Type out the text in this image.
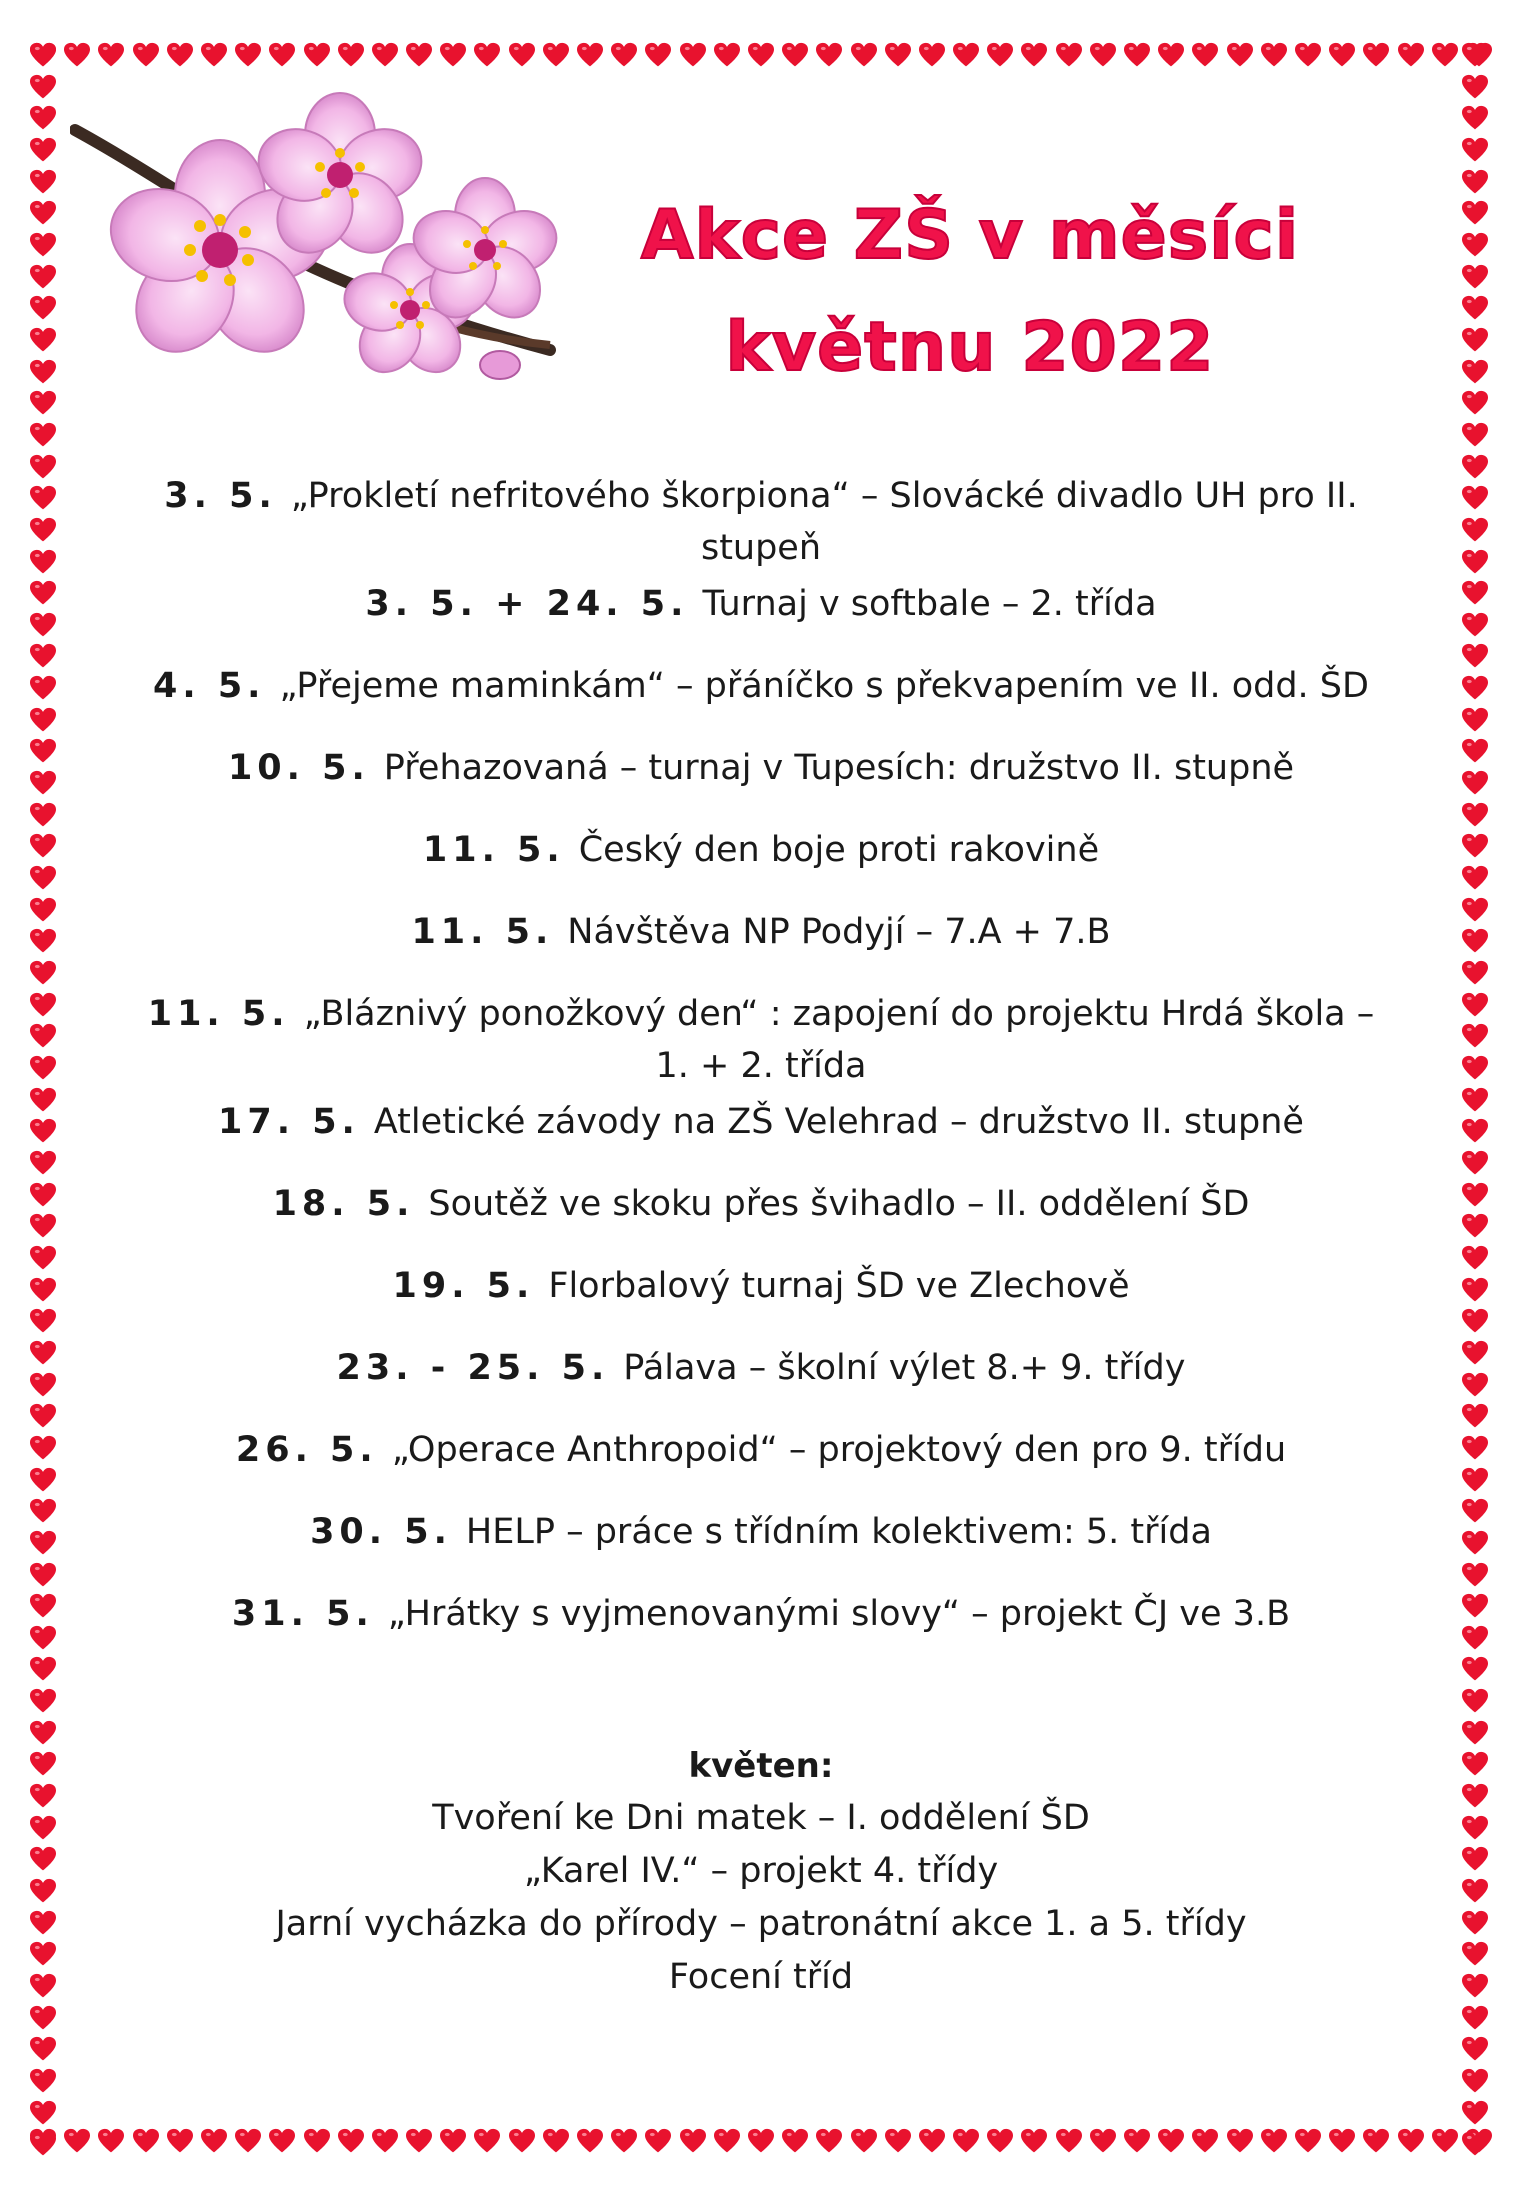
Akce ZŠ v měsíci
květnu 2022
3. 5. „Prokletí nefritového škorpiona“ – Slovácké divadlo UH pro II.
stupeň
3. 5. + 24. 5. Turnaj v softbale – 2. třída
4. 5. „Přejeme maminkám“ – přáníčko s překvapením ve II. odd. ŠD
10. 5. Přehazovaná – turnaj v Tupesích: družstvo II. stupně
11. 5. Český den boje proti rakovině
11. 5. Návštěva NP Podyjí – 7.A + 7.B
11. 5. „Bláznivý ponožkový den“ : zapojení do projektu Hrdá škola –
1. + 2. třída
17. 5. Atletické závody na ZŠ Velehrad – družstvo II. stupně
18. 5. Soutěž ve skoku přes švihadlo – II. oddělení ŠD
19. 5. Florbalový turnaj ŠD ve Zlechově
23. - 25. 5. Pálava – školní výlet 8.+ 9. třídy
26. 5. „Operace Anthropoid“ – projektový den pro 9. třídu
30. 5. HELP – práce s třídním kolektivem: 5. třída
31. 5. „Hrátky s vyjmenovanými slovy“ – projekt ČJ ve 3.B
květen:
Tvoření ke Dni matek – I. oddělení ŠD
„Karel IV.“ – projekt 4. třídy
Jarní vycházka do přírody – patronátní akce 1. a 5. třídy
Focení tříd
